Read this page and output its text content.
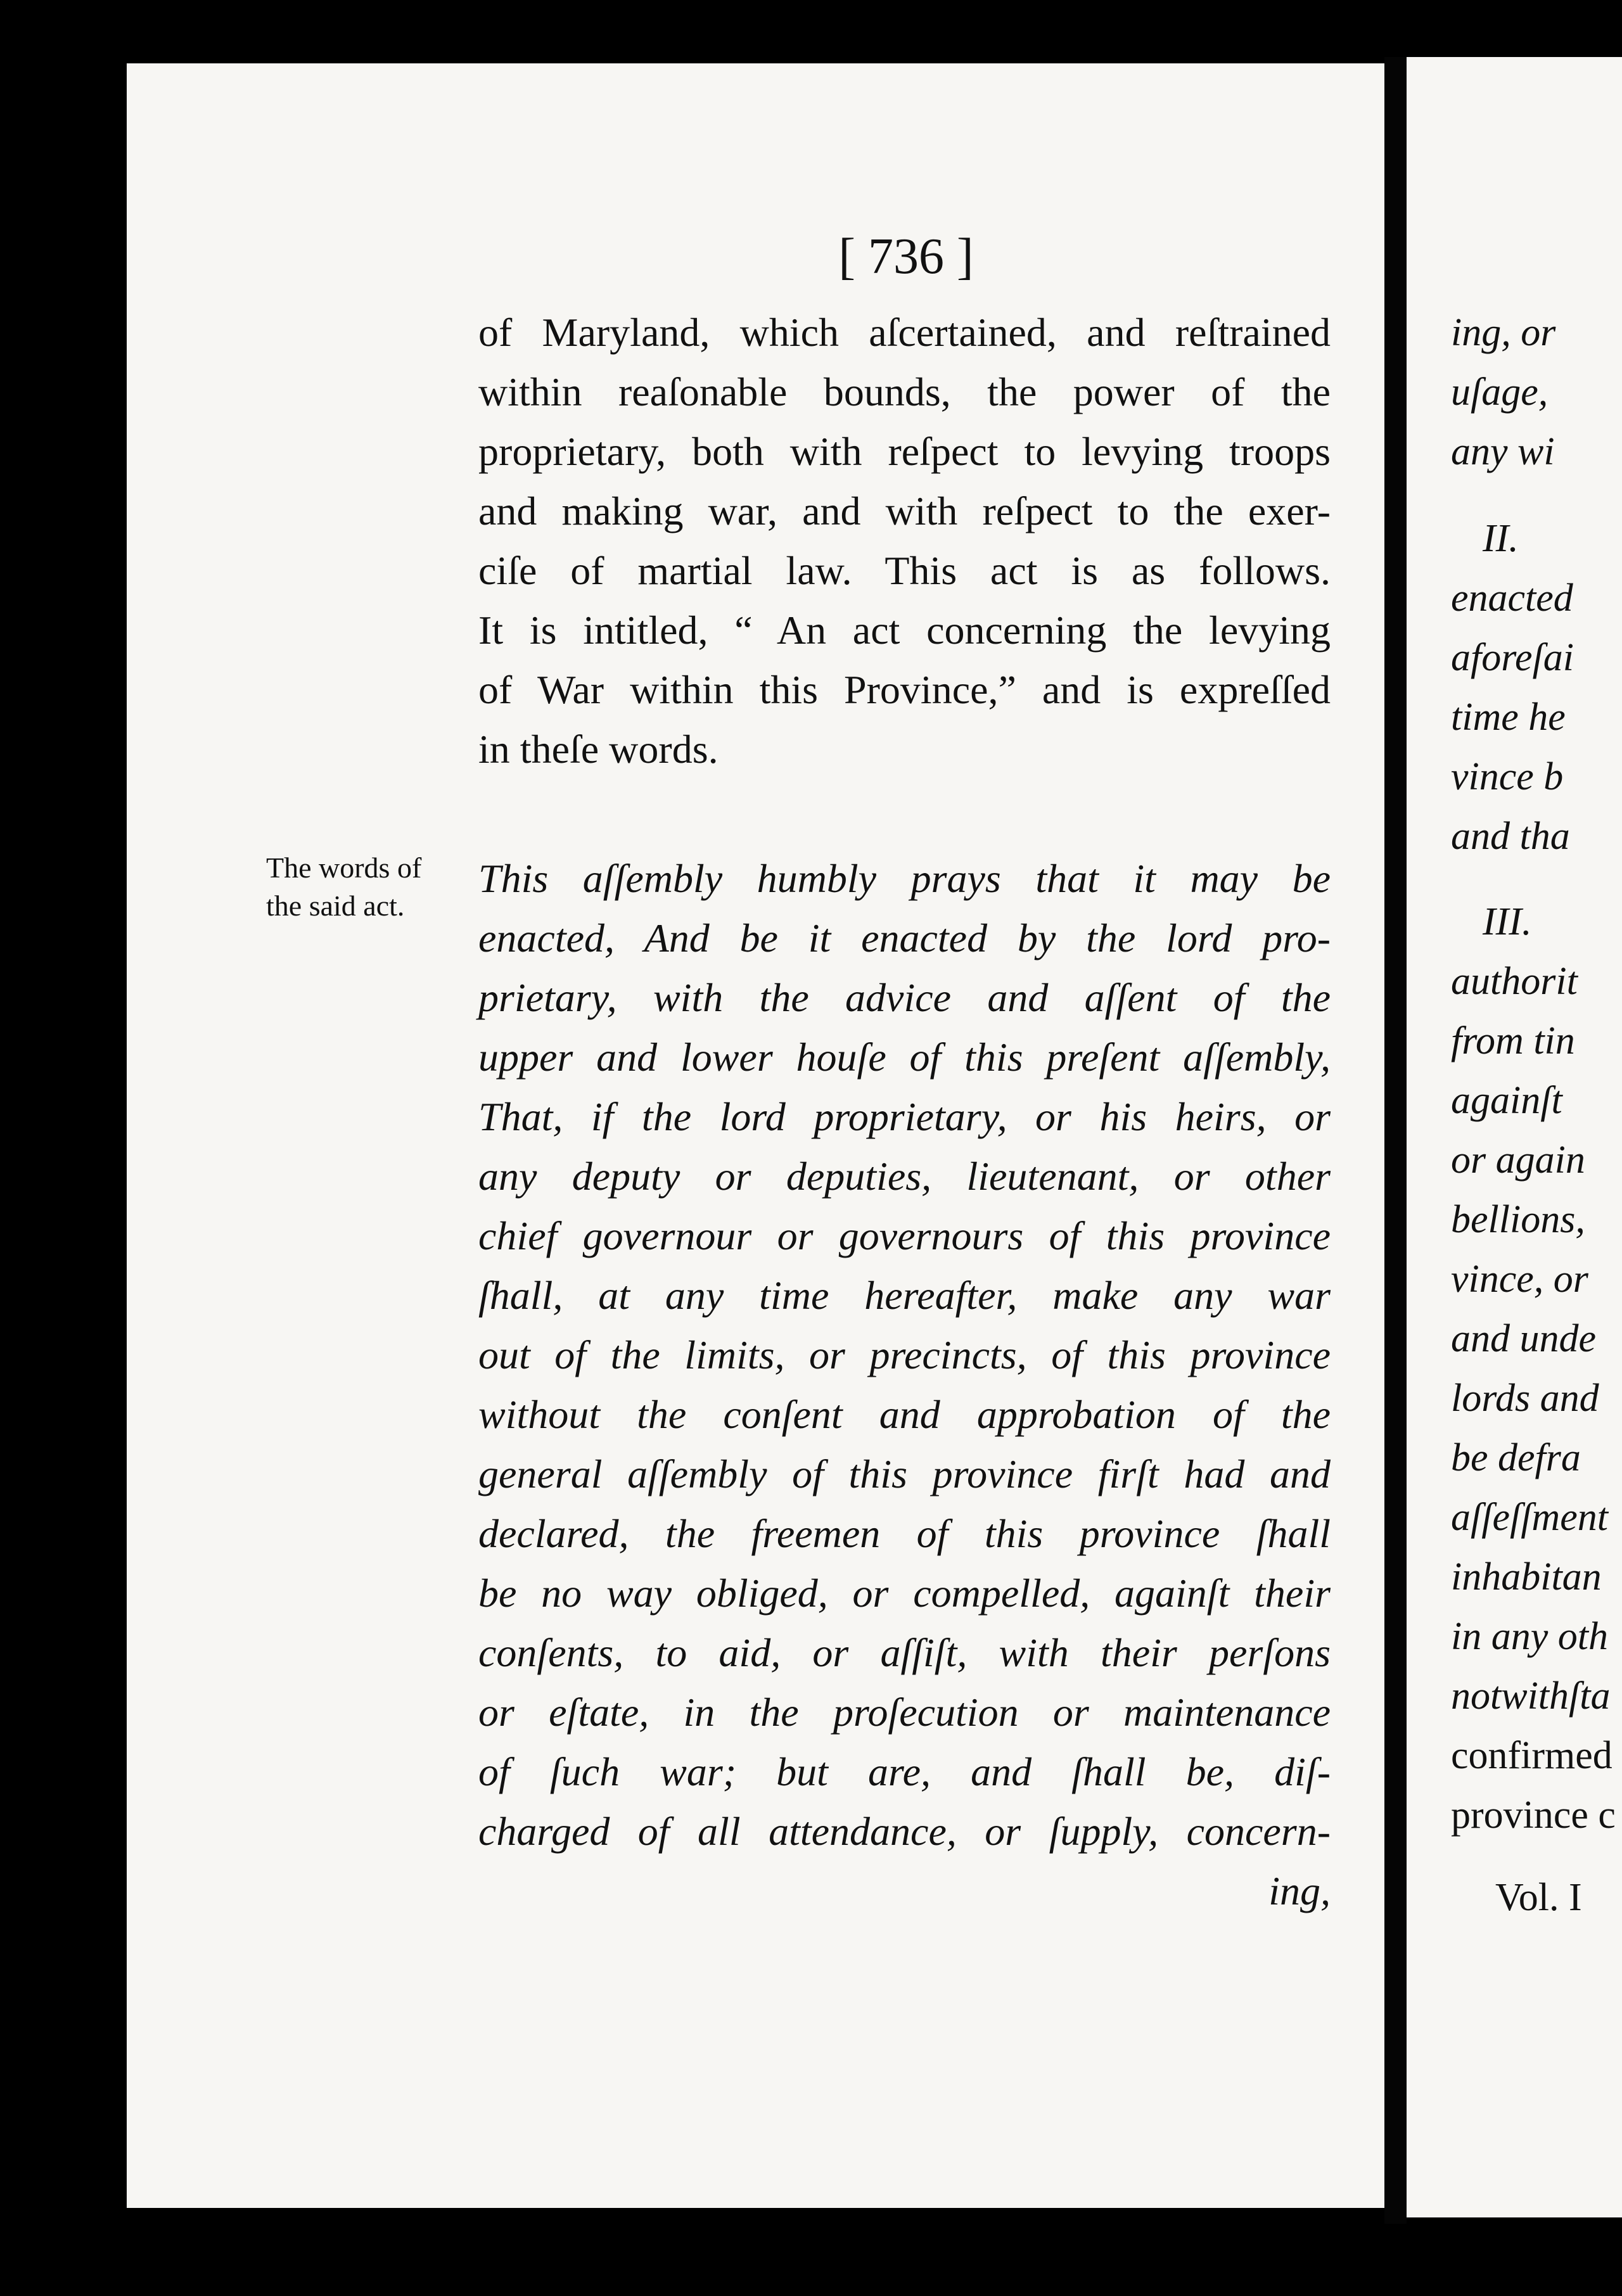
[ 736 ]
The words of
the said act.
of Maryland, which aſcertained, and reſtrained
within reaſonable bounds, the power of the
proprietary, both with reſpect to levying troops
and making war, and with reſpect to the exer-
ciſe of martial law. This act is as follows.
It is intitled, “ An act concerning the levying
of War within this Province,” and is expreſſed
in theſe words.
This aſſembly humbly prays that it may be
enacted, And be it enacted by the lord pro-
prietary, with the advice and aſſent of the
upper and lower houſe of this preſent aſſembly,
That, if the lord proprietary, or his heirs, or
any deputy or deputies, lieutenant, or other
chief governour or governours of this province
ſhall, at any time hereafter, make any war
out of the limits, or precincts, of this province
without the conſent and approbation of the
general aſſembly of this province firſt had and
declared, the freemen of this province ſhall
be no way obliged, or compelled, againſt their
conſents, to aid, or aſſiſt, with their perſons
or eſtate, in the proſecution or maintenance
of ſuch war; but are, and ſhall be, diſ-
charged of all attendance, or ſupply, concern-
ing,
ing, or
uſage,
any wi
II.
enacted
aforeſai
time he
vince b
and tha
III.
authorit
from tin
againſt
or again
bellions,
vince, or
and unde
lords and
be defra
aſſeſſment
inhabitan
in any oth
notwithſta
confirmed
province c
Vol. I
